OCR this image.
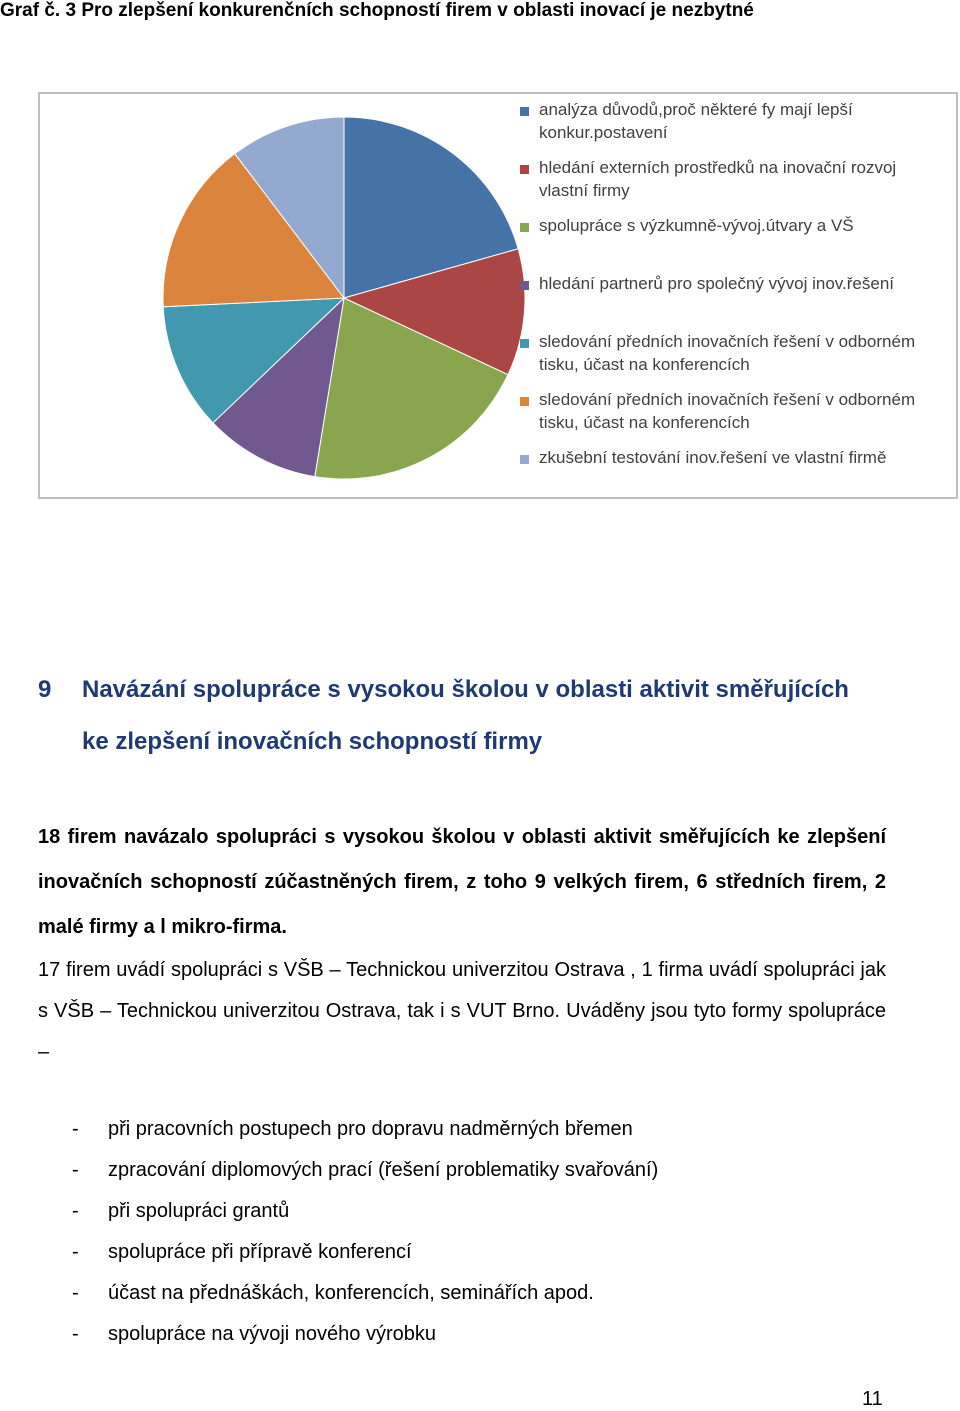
Graf č. 3 Pro zlepšení konkurenčních schopností firem v oblasti inovací je nezbytné
analýza důvodů,proč některé fy mají lepší konkur.postavení
hledání externích prostředků na inovační rozvoj vlastní firmy
spolupráce s výzkumně-vývoj.útvary a VŠ
hledání partnerů pro společný vývoj inov.řešení
sledování předních inovačních řešení v odborném tisku, účast na konferencích
sledování předních inovačních řešení v odborném tisku, účast na konferencích
zkušební testování inov.řešení ve vlastní firmě
9 Navázání spolupráce s vysokou školou v oblasti aktivit směřujících
ke zlepšení inovačních schopností firmy
18 firem navázalo spolupráci s vysokou školou v oblasti aktivit směřujících ke zlepšení inovačních schopností zúčastněných firem, z toho 9 velkých firem, 6 středních firem, 2 malé firmy a l mikro-firma.
17 firem uvádí spolupráci s VŠB – Technickou univerzitou Ostrava , 1 firma uvádí spolupráci jak s VŠB – Technickou univerzitou Ostrava, tak i s VUT Brno. Uváděny jsou tyto formy spolupráce –
- při pracovních postupech pro dopravu nadměrných břemen
- zpracování diplomových prací (řešení problematiky svařování)
- při spolupráci grantů
- spolupráce při přípravě konferencí
- účast na přednáškách, konferencích, seminářích apod.
- spolupráce na vývoji nového výrobku
11
